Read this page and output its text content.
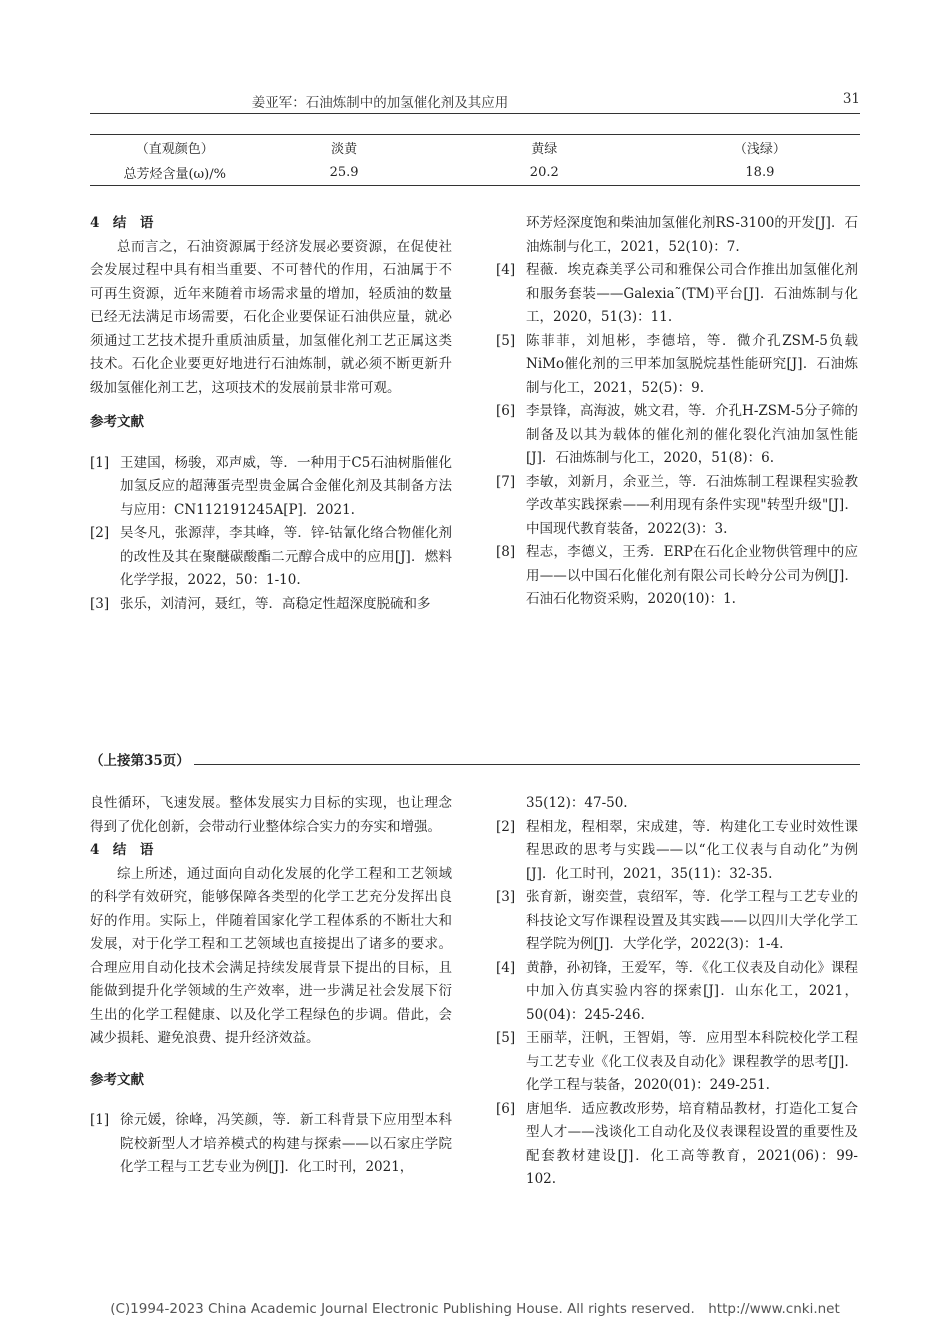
姜亚军：石油炼制中的加氢催化剂及其应用	31
（直观颜色）	淡黄	黄绿	（浅绿）
总芳烃含量(ω)/%	25.9	20.2	18.9

4　结　语

总而言之，石油资源属于经济发展必要资源，在促使社会发展过程中具有相当重要、不可替代的作用，石油属于不可再生资源，近年来随着市场需求量的增加，轻质油的数量已经无法满足市场需要，石化企业要保证石油供应量，就必须通过工艺技术提升重质油质量，加氢催化剂工艺正属这类技术。石化企业要更好地进行石油炼制，就必须不断更新升级加氢催化剂工艺，这项技术的发展前景非常可观。

参考文献

[1] 王建国，杨骏，邓声威，等．一种用于C5石油树脂催化加氢反应的超薄蛋壳型贵金属合金催化剂及其制备方法与应用：CN112191245A[P]．2021.
[2] 吴冬凡，张源萍，李其峰，等．锌-钴氰化络合物催化剂的改性及其在聚醚碳酸酯二元醇合成中的应用[J]．燃料化学学报，2022，50：1-10.
[3] 张乐，刘清河，聂红，等．高稳定性超深度脱硫和多
环芳烃深度饱和柴油加氢催化剂RS-3100的开发[J]．石油炼制与化工，2021，52(10)：7.
[4] 程薇．埃克森美孚公司和雅保公司合作推出加氢催化剂和服务套装——Galexia˜(TM)平台[J]．石油炼制与化工，2020，51(3)：11.
[5] 陈菲菲，刘旭彬，李德培，等．微介孔ZSM-5负载NiMo催化剂的三甲苯加氢脱烷基性能研究[J]．石油炼制与化工，2021，52(5)：9.
[6] 李景锋，高海波，姚文君，等．介孔H-ZSM-5分子筛的制备及以其为载体的催化剂的催化裂化汽油加氢性能[J]．石油炼制与化工，2020，51(8)：6.
[7] 李敏，刘新月，余亚兰，等．石油炼制工程课程实验教学改革实践探索——利用现有条件实现"转型升级"[J]．中国现代教育装备，2022(3)：3.
[8] 程志，李德义，王秀．ERP在石化企业物供管理中的应用——以中国石化催化剂有限公司长岭分公司为例[J]．石油石化物资采购，2020(10)：1.
（上接第35页）

良性循环，飞速发展。整体发展实力目标的实现，也让理念得到了优化创新，会带动行业整体综合实力的夯实和增强。

4　结　语

综上所述，通过面向自动化发展的化学工程和工艺领域的科学有效研究，能够保障各类型的化学工艺充分发挥出良好的作用。实际上，伴随着国家化学工程体系的不断壮大和发展，对于化学工程和工艺领域也直接提出了诸多的要求。合理应用自动化技术会满足持续发展背景下提出的目标，且能做到提升化学领域的生产效率，进一步满足社会发展下衍生出的化学工程健康、以及化学工程绿色的步调。借此，会减少损耗、避免浪费、提升经济效益。

参考文献

[1] 徐元媛，徐峰，冯笑颜，等．新工科背景下应用型本科院校新型人才培养模式的构建与探索——以石家庄学院化学工程与工艺专业为例[J]．化工时刊，2021，
35(12)：47-50.
[2] 程相龙，程相翠，宋成建，等．构建化工专业时效性课程思政的思考与实践——以“化工仪表与自动化”为例[J]．化工时刊，2021，35(11)：32-35.
[3] 张育新，谢奕萱，袁绍军，等．化学工程与工艺专业的科技论文写作课程设置及其实践——以四川大学化学工程学院为例[J]．大学化学，2022(3)：1-4.
[4] 黄静，孙初锋，王爱军，等．《化工仪表及自动化》课程中加入仿真实验内容的探索[J]．山东化工，2021，50(04)：245-246.
[5] 王丽苹，汪帆，王智娟，等．应用型本科院校化学工程与工艺专业《化工仪表及自动化》课程教学的思考[J]．化学工程与装备，2020(01)：249-251.
[6] 唐旭华．适应教改形势，培育精品教材，打造化工复合型人才——浅谈化工自动化及仪表课程设置的重要性及配套教材建设[J]．化工高等教育，2021(06)：99-102.
(C)1994-2023 China Academic Journal Electronic Publishing House. All rights reserved.　http://www.cnki.net
